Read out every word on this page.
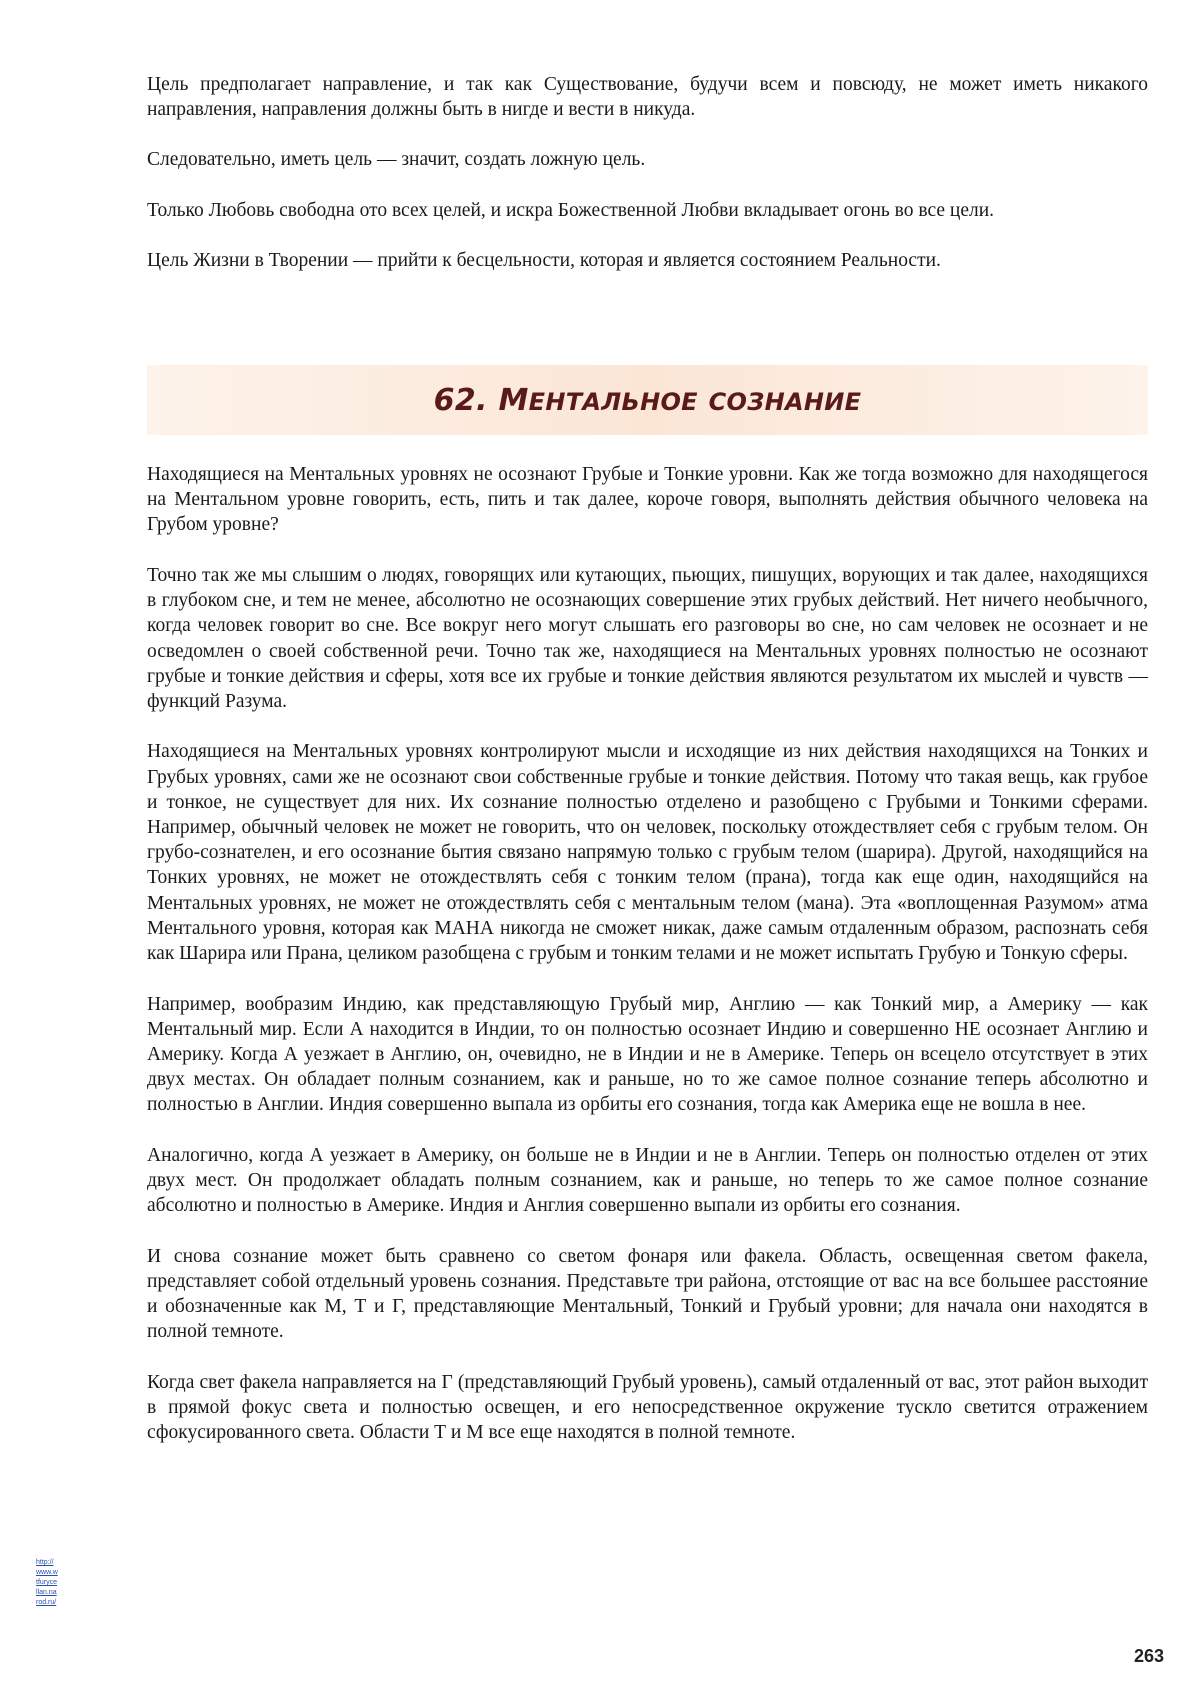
Цель предполагает направление, и так как Существование, будучи всем и повсюду, не может иметь никакого направления, направления должны быть в нигде и вести в никуда.

Следовательно, иметь цель — значит, создать ложную цель.

Только Любовь свободна ото всех целей, и искра Божественной Любви вкладывает огонь во все цели.

Цель Жизни в Творении — прийти к бесцельности, которая и является состоянием Реальности.

62. МЕНТАЛЬНОЕ СОЗНАНИЕ

Находящиеся на Ментальных уровнях не осознают Грубые и Тонкие уровни. Как же тогда возможно для находящегося на Ментальном уровне говорить, есть, пить и так далее, короче говоря, выполнять действия обычного человека на Грубом уровне?

Точно так же мы слышим о людях, говорящих или кутающих, пьющих, пишущих, ворующих и так далее, находящихся в глубоком сне, и тем не менее, абсолютно не осознающих совершение этих грубых действий. Нет ничего необычного, когда человек говорит во сне. Все вокруг него могут слышать его разговоры во сне, но сам человек не осознает и не осведомлен о своей собственной речи. Точно так же, находящиеся на Ментальных уровнях полностью не осознают грубые и тонкие действия и сферы, хотя все их грубые и тонкие действия являются результатом их мыслей и чувств — функций Разума.

Находящиеся на Ментальных уровнях контролируют мысли и исходящие из них действия находящихся на Тонких и Грубых уровнях, сами же не осознают свои собственные грубые и тонкие действия. Потому что такая вещь, как грубое и тонкое, не существует для них. Их сознание полностью отделено и разобщено с Грубыми и Тонкими сферами. Например, обычный человек не может не говорить, что он человек, поскольку отождествляет себя с грубым телом. Он грубо-сознателен, и его осознание бытия связано напрямую только с грубым телом (шарира). Другой, находящийся на Тонких уровнях, не может не отождествлять себя с тонким телом (прана), тогда как еще один, находящийся на Ментальных уровнях, не может не отождествлять себя с ментальным телом (мана). Эта «воплощенная Разумом» атма Ментального уровня, которая как МАНА никогда не сможет никак, даже самым отдаленным образом, распознать себя как Шарира или Прана, целиком разобщена с грубым и тонким телами и не может испытать Грубую и Тонкую сферы.

Например, вообразим Индию, как представляющую Грубый мир, Англию — как Тонкий мир, а Америку — как Ментальный мир. Если А находится в Индии, то он полностью осознает Индию и совершенно НЕ осознает Англию и Америку. Когда А уезжает в Англию, он, очевидно, не в Индии и не в Америке. Теперь он всецело отсутствует в этих двух местах. Он обладает полным сознанием, как и раньше, но то же самое полное сознание теперь абсолютно и полностью в Англии. Индия совершенно выпала из орбиты его сознания, тогда как Америка еще не вошла в нее.

Аналогично, когда А уезжает в Америку, он больше не в Индии и не в Англии. Теперь он полностью отделен от этих двух мест. Он продолжает обладать полным сознанием, как и раньше, но теперь то же самое полное сознание абсолютно и полностью в Америке. Индия и Англия совершенно выпали из орбиты его сознания.

И снова сознание может быть сравнено со светом фонаря или факела. Область, освещенная светом факела, представляет собой отдельный уровень сознания. Представьте три района, отстоящие от вас на все большее расстояние и обозначенные как М, Т и Г, представляющие Ментальный, Тонкий и Грубый уровни; для начала они находятся в полной темноте.

Когда свет факела направляется на Г (представляющий Грубый уровень), самый отдаленный от вас, этот район выходит в прямой фокус света и полностью освещен, и его непосредственное окружение тускло светится отражением сфокусированного света. Области Т и М все еще находятся в полной темноте.

http://www.wtfurycellan.narod.ru/
263
